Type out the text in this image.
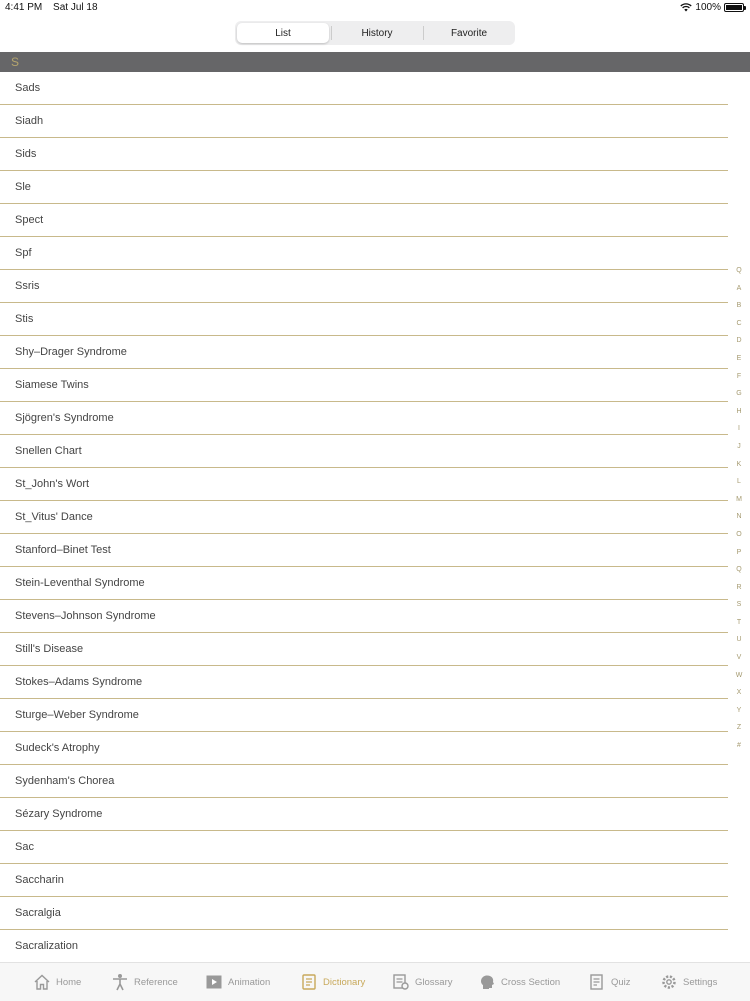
4:41 PM Sat Jul 18	100%
List	History	Favorite
S
Sads
Siadh
Sids
Sle
Spect
Spf
Ssris
Stis
Shy–Drager Syndrome
Siamese Twins
Sjögren's Syndrome
Snellen Chart
St_John's Wort
St_Vitus' Dance
Stanford–Binet Test
Stein-Leventhal Syndrome
Stevens–Johnson Syndrome
Still's Disease
Stokes–Adams Syndrome
Sturge–Weber Syndrome
Sudeck's Atrophy
Sydenham's Chorea
Sézary Syndrome
Sac
Saccharin
Sacralgia
Sacralization
Q
A
B
C
D
E
F
G
H
I
J
K
L
M
N
O
P
Q
R
S
T
U
V
W
X
Y
Z
#
Home	Reference	Animation	Dictionary	Glossary	Cross Section	Quiz	Settings
